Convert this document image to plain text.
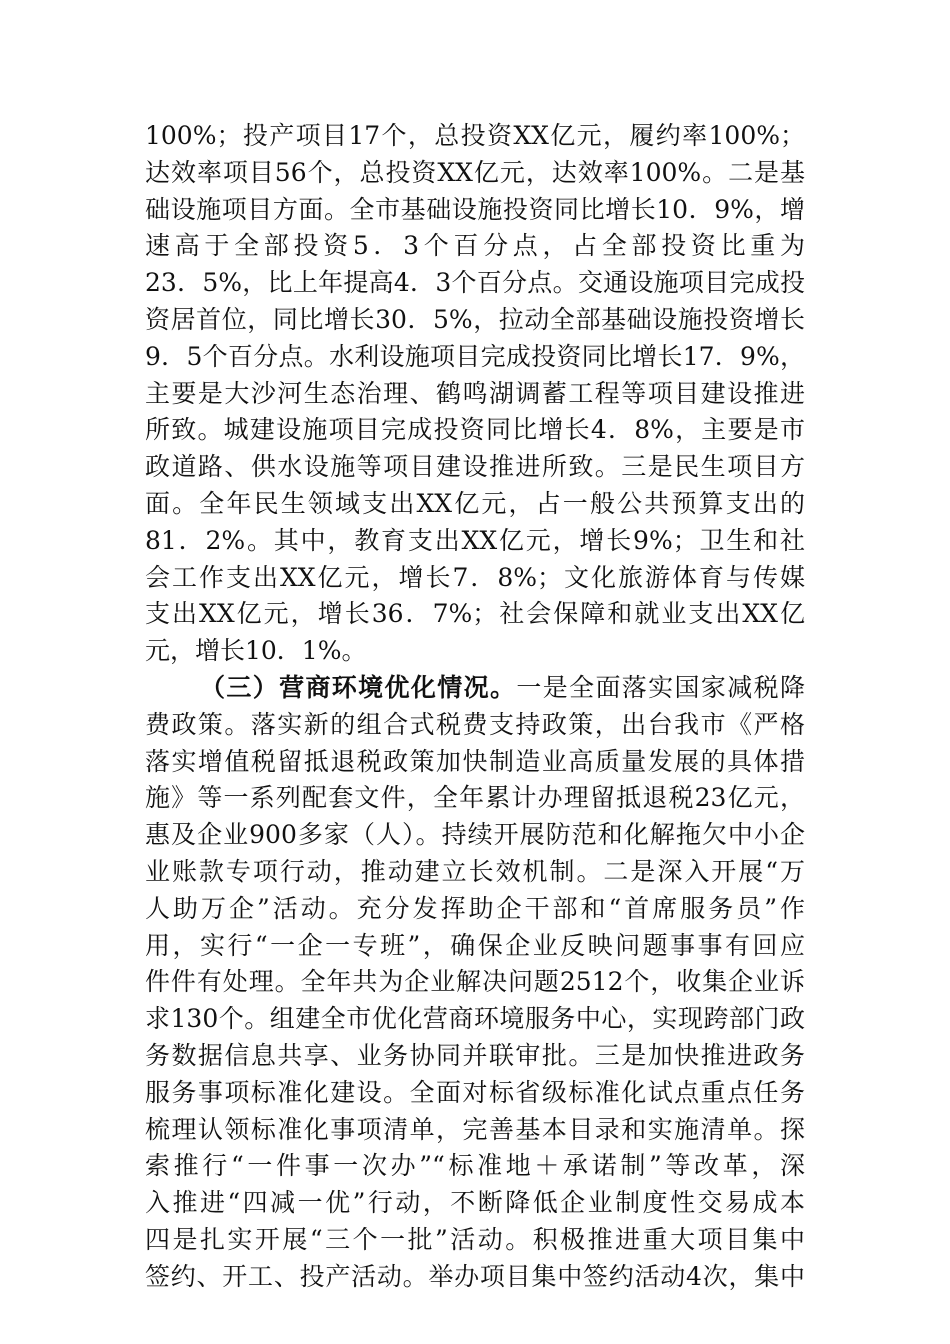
100%；投产项目17个，总投资XX亿元，履约率100%；
达效率项目56个，总投资XX亿元，达效率100%。二是基
础设施项目方面。全市基础设施投资同比增长10．9%，增
速高于全部投资5．3个百分点，占全部投资比重为
23．5%，比上年提高4．3个百分点。交通设施项目完成投
资居首位，同比增长30．5%，拉动全部基础设施投资增长
9．5个百分点。水利设施项目完成投资同比增长17．9%，
主要是大沙河生态治理、鹤鸣湖调蓄工程等项目建设推进
所致。城建设施项目完成投资同比增长4．8%，主要是市
政道路、供水设施等项目建设推进所致。三是民生项目方
面。全年民生领域支出XX亿元，占一般公共预算支出的
81．2%。其中，教育支出XX亿元，增长9%；卫生和社
会工作支出XX亿元，增长7．8%；文化旅游体育与传媒
支出XX亿元，增长36．7%；社会保障和就业支出XX亿
元，增长10．1%。
（三）营商环境优化情况。一是全面落实国家减税降
费政策。落实新的组合式税费支持政策，出台我市《严格
落实增值税留抵退税政策加快制造业高质量发展的具体措
施》等一系列配套文件，全年累计办理留抵退税23亿元，
惠及企业900多家（人）。持续开展防范和化解拖欠中小企
业账款专项行动，推动建立长效机制。二是深入开展“万
人助万企”活动。充分发挥助企干部和“首席服务员”作
用，实行“一企一专班”，确保企业反映问题事事有回应
件件有处理。全年共为企业解决问题2512个，收集企业诉
求130个。组建全市优化营商环境服务中心，实现跨部门政
务数据信息共享、业务协同并联审批。三是加快推进政务
服务事项标准化建设。全面对标省级标准化试点重点任务
梳理认领标准化事项清单，完善基本目录和实施清单。探
索推行“一件事一次办”“标准地＋承诺制”等改革，深
入推进“四减一优”行动，不断降低企业制度性交易成本
四是扎实开展“三个一批”活动。积极推进重大项目集中
签约、开工、投产活动。举办项目集中签约活动4次，集中
